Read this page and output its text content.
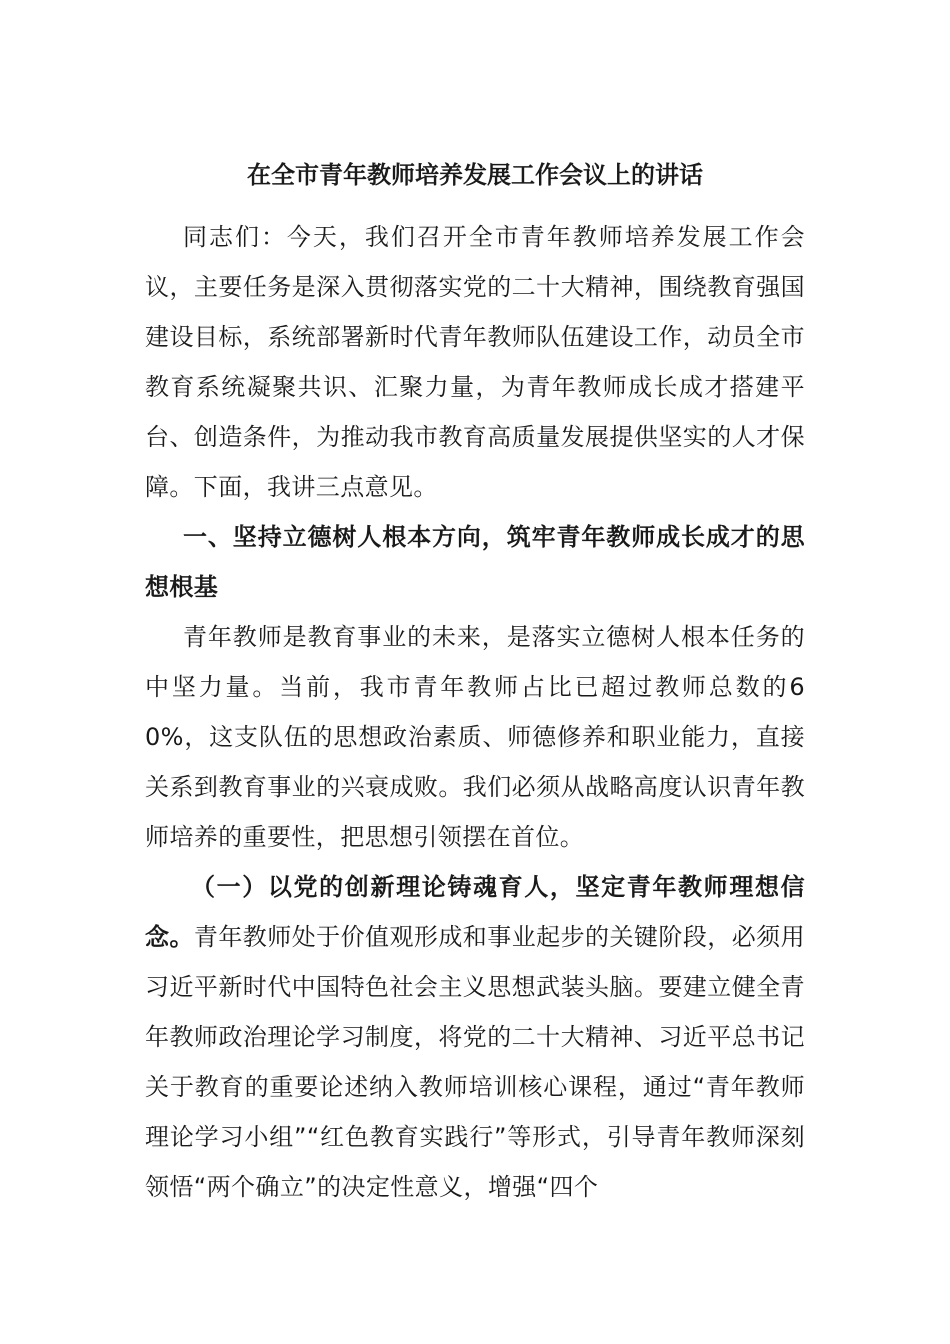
在全市青年教师培养发展工作会议上的讲话

同志们：今天，我们召开全市青年教师培养发展工作会议，主要任务是深入贯彻落实党的二十大精神，围绕教育强国建设目标，系统部署新时代青年教师队伍建设工作，动员全市教育系统凝聚共识、汇聚力量，为青年教师成长成才搭建平台、创造条件，为推动我市教育高质量发展提供坚实的人才保障。下面，我讲三点意见。

一、坚持立德树人根本方向，筑牢青年教师成长成才的思想根基

青年教师是教育事业的未来，是落实立德树人根本任务的中坚力量。当前，我市青年教师占比已超过教师总数的60%，这支队伍的思想政治素质、师德修养和职业能力，直接关系到教育事业的兴衰成败。我们必须从战略高度认识青年教师培养的重要性，把思想引领摆在首位。

（一）以党的创新理论铸魂育人，坚定青年教师理想信念。青年教师处于价值观形成和事业起步的关键阶段，必须用习近平新时代中国特色社会主义思想武装头脑。要建立健全青年教师政治理论学习制度，将党的二十大精神、习近平总书记关于教育的重要论述纳入教师培训核心课程，通过“青年教师理论学习小组”“红色教育实践行”等形式，引导青年教师深刻领悟“两个确立”的决定性意义，增强“四个
